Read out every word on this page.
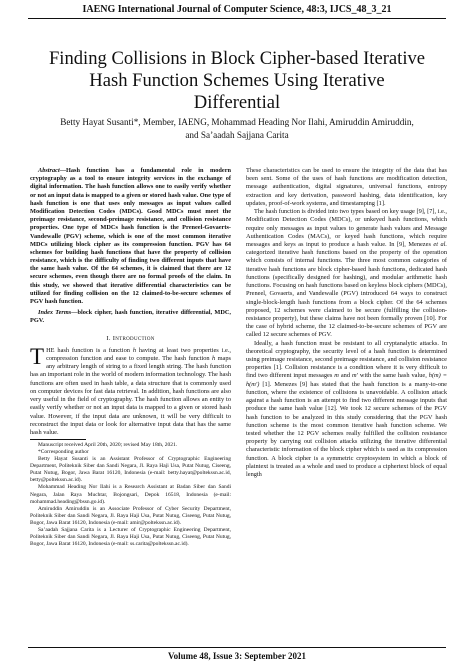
IAENG International Journal of Computer Science, 48:3, IJCS_48_3_21
Finding Collisions in Block Cipher-based Iterative
Hash Function Schemes Using Iterative
Differential
Betty Hayat Susanti*, Member, IAENG, Mohammad Heading Nor Ilahi, Amiruddin Amiruddin,
and Sa’aadah Sajjana Carita

Abstract—Hash function has a fundamental role in modern cryptography as a tool to ensure integrity services in the exchange of digital information. The hash function allows one to easily verify whether or not an input data is mapped to a given or stored hash value. One type of hash function is one that uses only messages as input values called Modification Detection Codes (MDCs). Good MDCs must meet the preimage resistance, second-preimage resistance, and collision resistance properties. One type of MDCs hash function is the Preneel-Govaerts-Vandewalle (PGV) scheme, which is one of the most common iterative MDCs utilizing block cipher as its compression function. PGV has 64 schemes for building hash functions that have the property of collision resistance, which is the difficulty of finding two different inputs that have the same hash value. Of the 64 schemes, it is claimed that there are 12 secure schemes, even though there are no formal proofs of the claim. In this study, we showed that iterative differential characteristics can be utilized for finding collision on the 12 claimed-to-be-secure schemes of PGV hash function.

Index Terms—block cipher, hash function, iterative differential, MDC, PGV.

I. Introduction

THE hash function is a function h having at least two properties i.e., compression function and ease to compute. The hash function h maps any arbitrary length of string to a fixed length string. The hash function has an important role in the world of modern information technology. The hash functions are often used in hash table, a data structure that is commonly used on computer devices for fast data retrieval. In addition, hash functions are also very useful in the field of cryptography. The hash function allows an entity to easily verify whether or not an input data is mapped to a given or stored hash value. However, if the input data are unknown, it will be very difficult to reconstruct the input data or look for alternative input data that has the same hash value.

Manuscript received April 20th, 2020; revised May 18th, 2021.

*Corresponding author

Betty Hayat Susanti is an Assistant Professor of Cryptographic Engineering Department, Politeknik Siber dan Sandi Negara, Jl. Raya Haji Usa, Putat Nutug, Ciseeng, Putat Nutug, Bogor, Jawa Barat 16120, Indonesia (e-mail: betty.hayat@poltekssn.ac.id, betty@poltekssn.ac.id).

Mohammad Heading Nor Ilahi is a Research Assistant at Badan Siber dan Sandi Negara, Jalan Raya Muchtar, Bojongsari, Depok 16518, Indonesia (e-mail: mohammad.heading@bssn.go.id).

Amiruddin Amiruddin is an Associate Professor of Cyber Security Department, Politeknik Siber dan Sandi Negara, Jl. Raya Haji Usa, Putat Nutug, Ciseeng, Putat Nutug, Bogor, Jawa Barat 16120, Indonesia (e-mail: amir@poltekssn.ac.id).

Sa’aadah Sajjana Carita is a Lecturer of Cryptographic Engineering Department, Politeknik Siber dan Sandi Negara, Jl. Raya Haji Usa, Putat Nutug, Ciseeng, Putat Nutug, Bogor, Jawa Barat 16120, Indonesia (e-mail: ss.carita@poltekssn.ac.id).

These characteristics can be used to ensure the integrity of the data that has been sent. Some of the uses of hash functions are modification detection, message authentication, digital signatures, universal functions, entropy extraction and key derivation, password hashing, data identification, key updates, proof-of-work systems, and timestamping [1].

The hash function is divided into two types based on key usage [9], [7], i.e., Modification Detection Codes (MDCs), or unkeyed hash functions, which require only messages as input values to generate hash values and Message Authentication Codes (MACs), or keyed hash functions, which require messages and keys as input to produce a hash value. In [9], Menezes et al. categorized iterative hash functions based on the property of the operation which consists of internal functions. The three most common categories of iterative hash functions are block cipher-based hash functions, dedicated hash functions (specifically designed for hashing), and modular arithmetic hash functions. Focusing on hash functions based on keyless block ciphers (MDCs), Preneel, Govaerts, and Vandewalle (PGV) introduced 64 ways to construct single-block-length hash functions from a block cipher. Of the 64 schemes proposed, 12 schemes were claimed to be secure (fulfilling the collision-resistance property), but these claims have not been formally proven [10]. For the case of hybrid scheme, the 12 claimed-to-be-secure schemes of PGV are called 12 secure schemes of PGV.

Ideally, a hash function must be resistant to all cryptanalytic attacks. In theoretical cryptography, the security level of a hash function is determined using preimage resistance, second preimage resistance, and collision resistance properties [1]. Collision resistance is a condition where it is very difficult to find two different input messages m and m′ with the same hash value, h(m) = h(m′) [1]. Menezes [9] has stated that the hash function is a many-to-one function, where the existence of collisions is unavoidable. A collision attack against a hash function is an attempt to find two different message inputs that produce the same hash value [12]. We took 12 secure schemes of the PGV hash function to be analyzed in this study considering that the PGV hash function scheme is the most common iterative hash function scheme. We tested whether the 12 PGV schemes really fulfilled the collision resistance property by carrying out collision attacks utilizing the iterative differential characteristic information of the block cipher which is used as its compression function. A block cipher is a symmetric cryptosystem in which a block of plaintext is treated as a whole and used to produce a ciphertext block of equal length

Volume 48, Issue 3: September 2021
